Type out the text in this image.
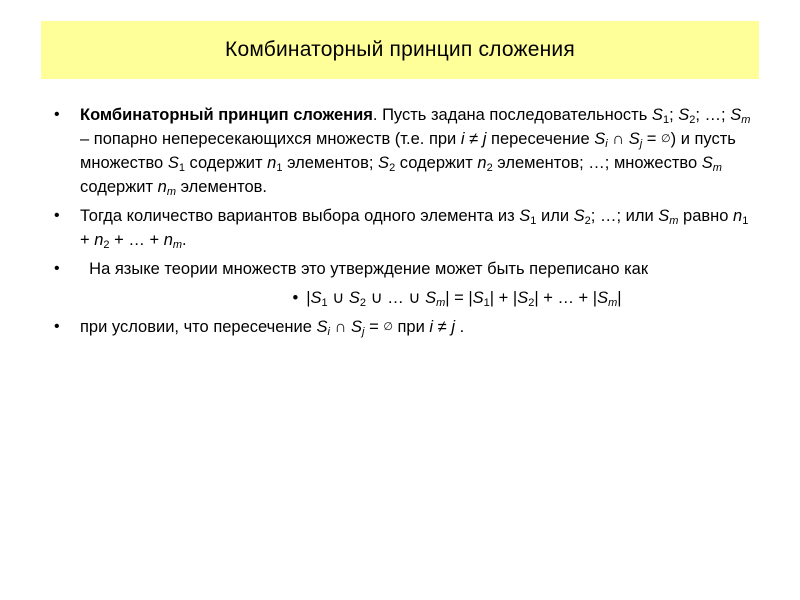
Комбинаторный принцип сложения
• Комбинаторный принцип сложения. Пусть задана последовательность $S_1$; $S_2$; …; $S_m$ – попарно непересекающихся множеств (т.е. при i ≠ j пересечение $S_i$ ∩ $S_j$ = ∅) и пусть множество $S_1$ содержит $n_1$ элементов; $S_2$ содержит $n_2$ элементов; …; множество $S_m$ содержит $n_m$ элементов.
• Тогда количество вариантов выбора одного элемента из $S_1$ или $S_2$; …; или $S_m$ равно $n_1 + n_2$ + … + $n_m$.
• На языке теории множеств это утверждение может быть переписано как
• $|S_1$ ∪ $S_2$ ∪ … ∪ $S_m| = |S_1| + |S_2|$ + … + $|S_m|$
• при условии, что пересечение $S_i$ ∩ $S_j$ = ∅ при i ≠ j .
